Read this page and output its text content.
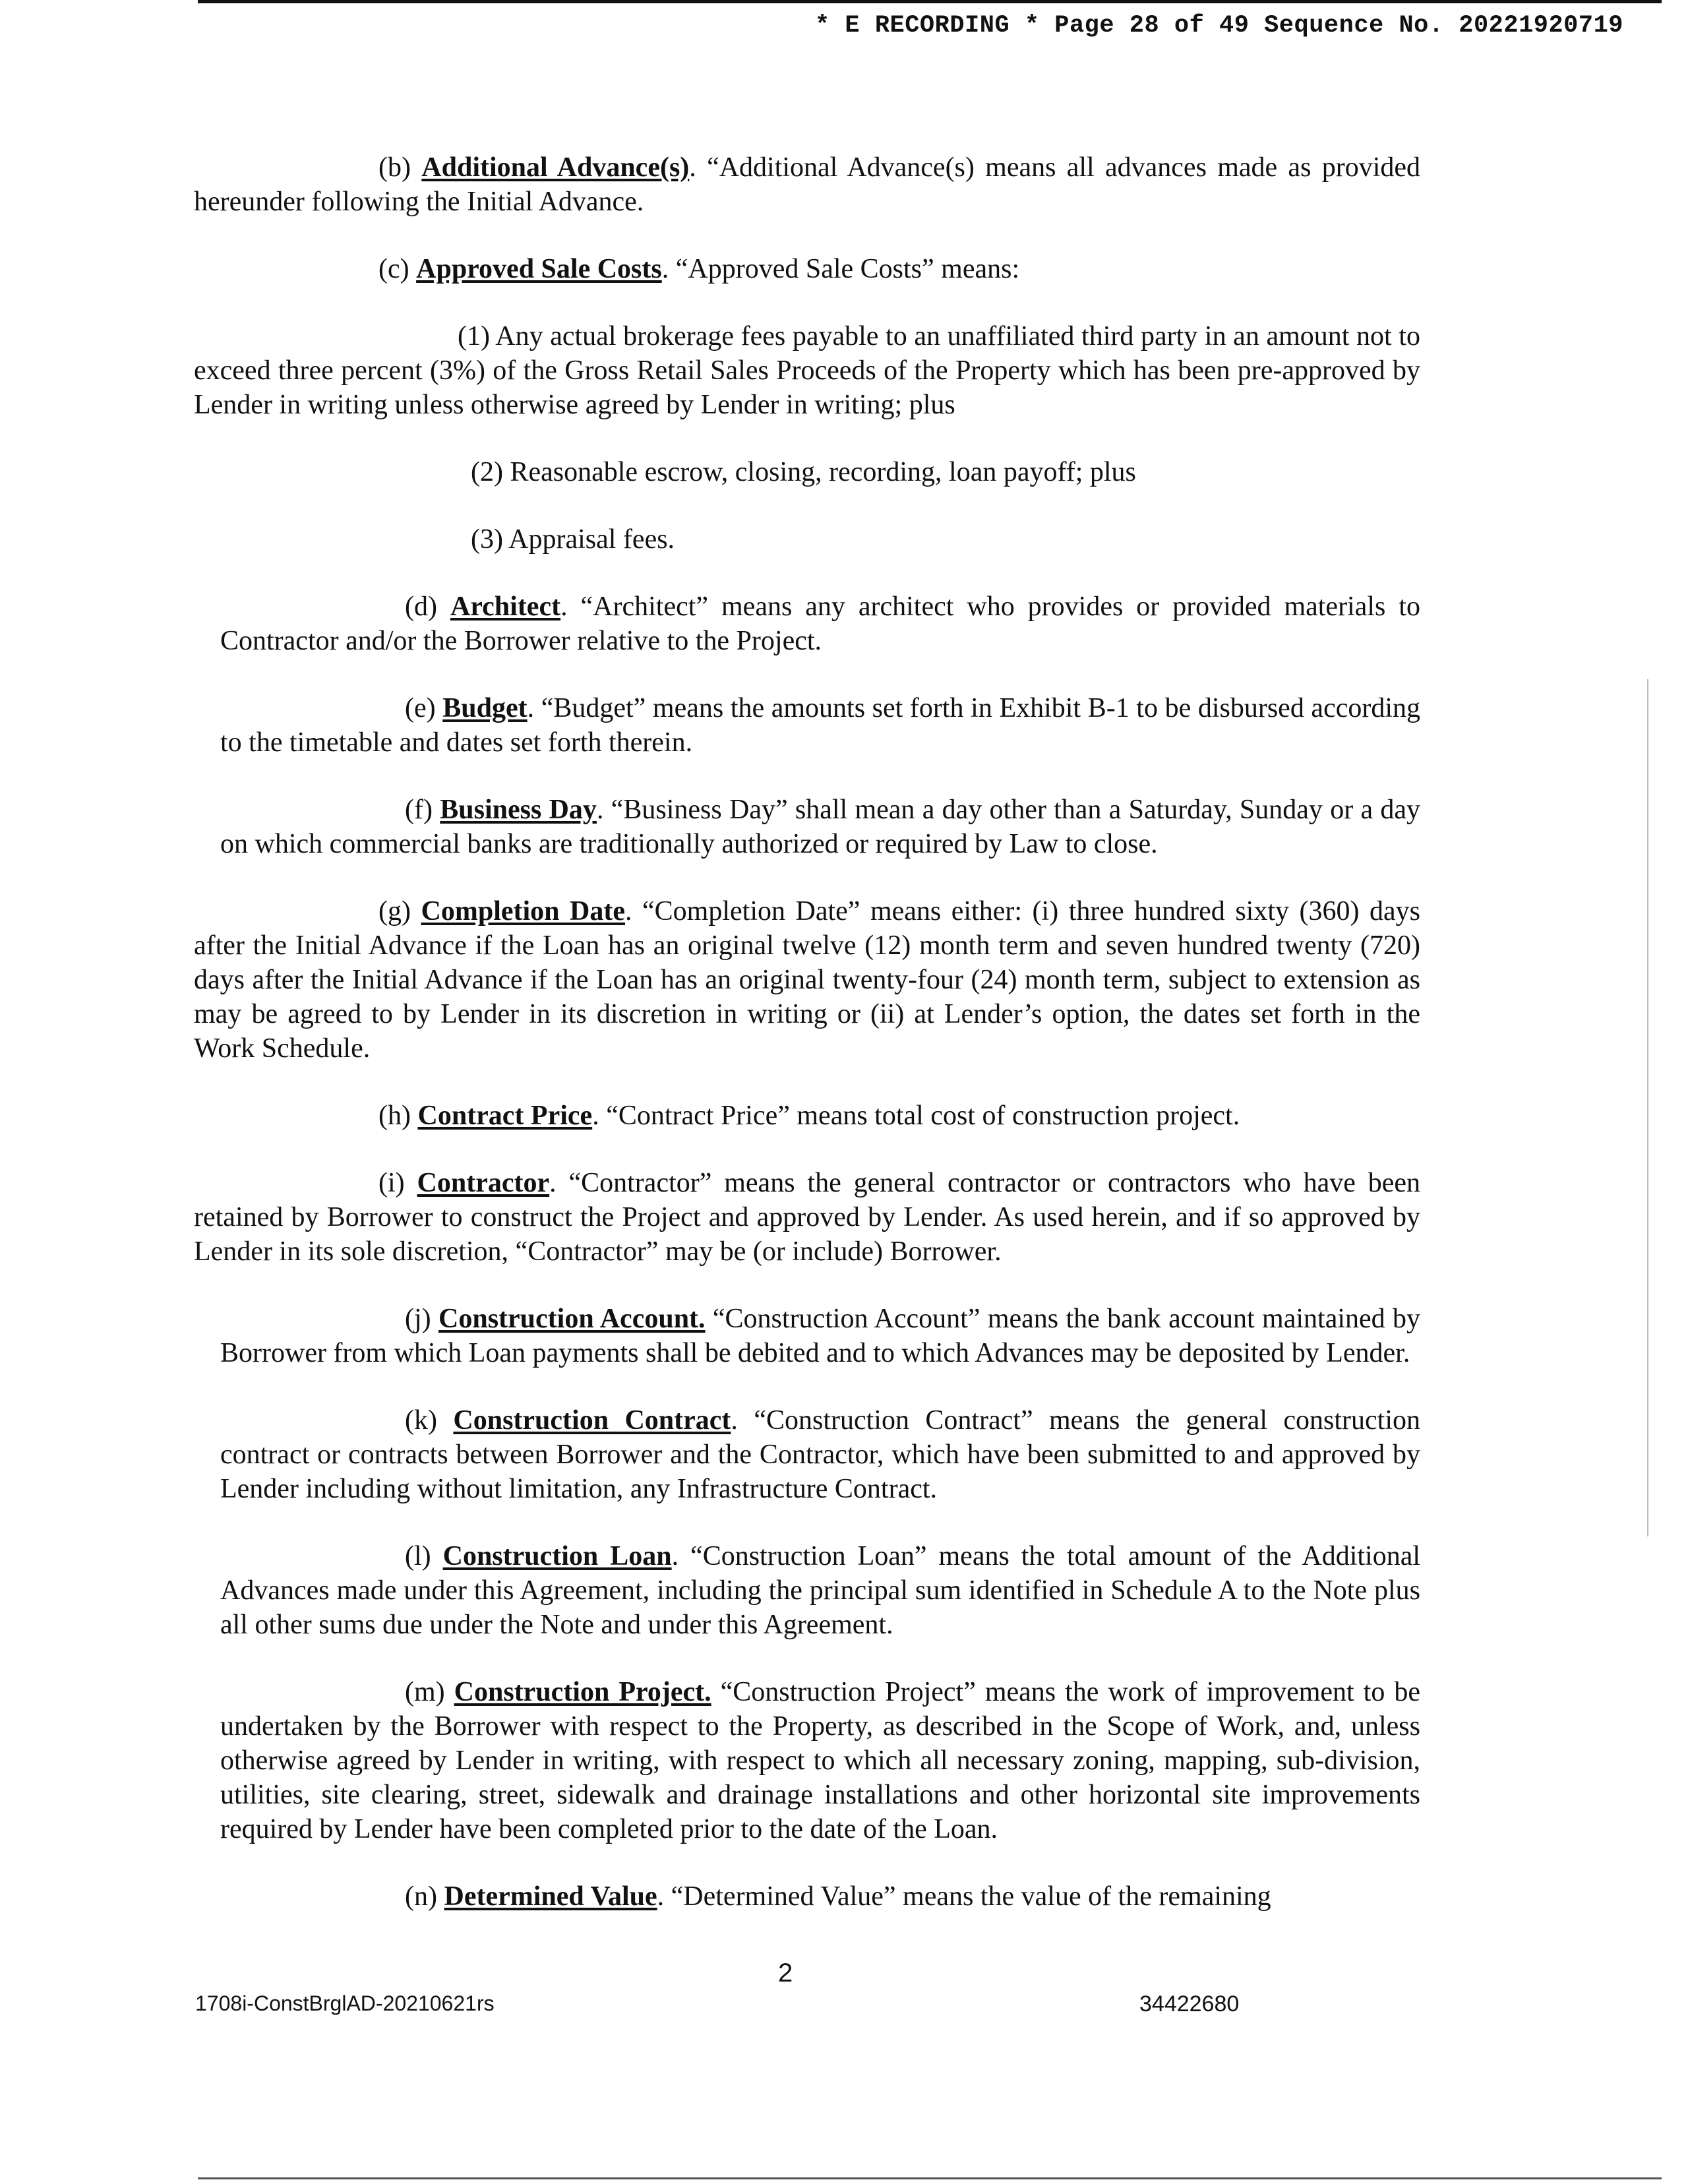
* E RECORDING * Page 28 of 49 Sequence No. 20221920719

(b) Additional Advance(s). “Additional Advance(s) means all advances made as provided hereunder following the Initial Advance.

(c) Approved Sale Costs. “Approved Sale Costs” means:

(1) Any actual brokerage fees payable to an unaffiliated third party in an amount not to exceed three percent (3%) of the Gross Retail Sales Proceeds of the Property which has been pre-approved by Lender in writing unless otherwise agreed by Lender in writing; plus

(2) Reasonable escrow, closing, recording, loan payoff; plus

(3) Appraisal fees.

(d) Architect. “Architect” means any architect who provides or provided materials to Contractor and/or the Borrower relative to the Project.

(e) Budget. “Budget” means the amounts set forth in Exhibit B-1 to be disbursed according to the timetable and dates set forth therein.

(f) Business Day. “Business Day” shall mean a day other than a Saturday, Sunday or a day on which commercial banks are traditionally authorized or required by Law to close.

(g) Completion Date. “Completion Date” means either: (i) three hundred sixty (360) days after the Initial Advance if the Loan has an original twelve (12) month term and seven hundred twenty (720) days after the Initial Advance if the Loan has an original twenty-four (24) month term, subject to extension as may be agreed to by Lender in its discretion in writing or (ii) at Lender’s option, the dates set forth in the Work Schedule.

(h) Contract Price. “Contract Price” means total cost of construction project.

(i) Contractor. “Contractor” means the general contractor or contractors who have been retained by Borrower to construct the Project and approved by Lender. As used herein, and if so approved by Lender in its sole discretion, “Contractor” may be (or include) Borrower.

(j) Construction Account. “Construction Account” means the bank account maintained by Borrower from which Loan payments shall be debited and to which Advances may be deposited by Lender.

(k) Construction Contract. “Construction Contract” means the general construction contract or contracts between Borrower and the Contractor, which have been submitted to and approved by Lender including without limitation, any Infrastructure Contract.

(l) Construction Loan. “Construction Loan” means the total amount of the Additional Advances made under this Agreement, including the principal sum identified in Schedule A to the Note plus all other sums due under the Note and under this Agreement.

(m) Construction Project. “Construction Project” means the work of improvement to be undertaken by the Borrower with respect to the Property, as described in the Scope of Work, and, unless otherwise agreed by Lender in writing, with respect to which all necessary zoning, mapping, sub-division, utilities, site clearing, street, sidewalk and drainage installations and other horizontal site improvements required by Lender have been completed prior to the date of the Loan.

(n) Determined Value. “Determined Value” means the value of the remaining

2
1708i-ConstBrglAD-20210621rs	34422680
